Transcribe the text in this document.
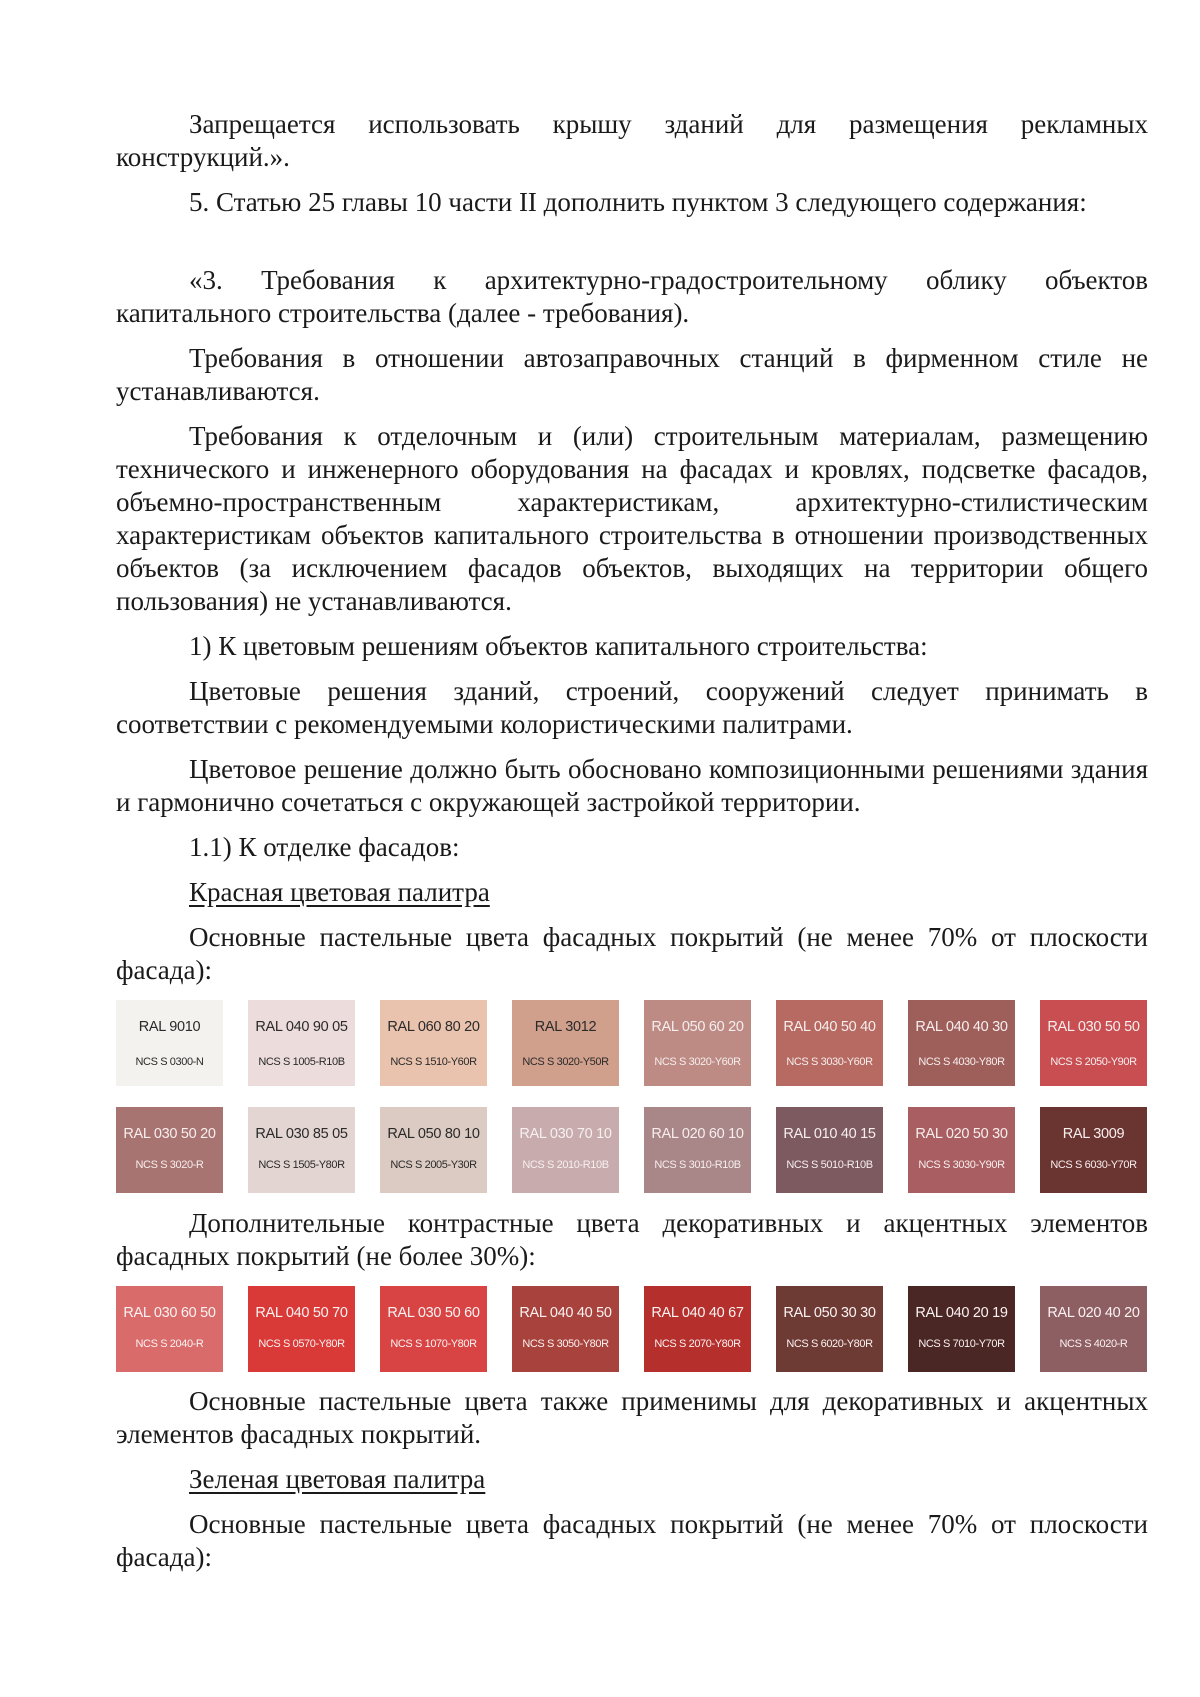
Запрещается использовать крышу зданий для размещения рекламных конструкций.».

5. Статью 25 главы 10 части II дополнить пунктом 3 следующего содержания:

«3. Требования к архитектурно-градостроительному облику объектов капитального строительства (далее - требования).

Требования в отношении автозаправочных станций в фирменном стиле не устанавливаются.

Требования к отделочным и (или) строительным материалам, размещению технического и инженерного оборудования на фасадах и кровлях, подсветке фасадов, объемно-пространственным характеристикам, архитектурно-стилистическим характеристикам объектов капитального строительства в отношении производственных объектов (за исключением фасадов объектов, выходящих на территории общего пользования) не устанавливаются.

1) К цветовым решениям объектов капитального строительства:

Цветовые решения зданий, строений, сооружений следует принимать в соответствии с рекомендуемыми колористическими палитрами.

Цветовое решение должно быть обосновано композиционными решениями здания и гармонично сочетаться с окружающей застройкой территории.

1.1) К отделке фасадов:

Красная цветовая палитра

Основные пастельные цвета фасадных покрытий (не менее 70% от плоскости фасада):

RAL 9010
NCS S 0300-N
RAL 040 90 05
NCS S 1005-R10B
RAL 060 80 20
NCS S 1510-Y60R
RAL 3012
NCS S 3020-Y50R
RAL 050 60 20
NCS S 3020-Y60R
RAL 040 50 40
NCS S 3030-Y60R
RAL 040 40 30
NCS S 4030-Y80R
RAL 030 50 50
NCS S 2050-Y90R
RAL 030 50 20
NCS S 3020-R
RAL 030 85 05
NCS S 1505-Y80R
RAL 050 80 10
NCS S 2005-Y30R
RAL 030 70 10
NCS S 2010-R10B
RAL 020 60 10
NCS S 3010-R10B
RAL 010 40 15
NCS S 5010-R10B
RAL 020 50 30
NCS S 3030-Y90R
RAL 3009
NCS S 6030-Y70R

Дополнительные контрастные цвета декоративных и акцентных элементов фасадных покрытий (не более 30%):

RAL 030 60 50
NCS S 2040-R
RAL 040 50 70
NCS S 0570-Y80R
RAL 030 50 60
NCS S 1070-Y80R
RAL 040 40 50
NCS S 3050-Y80R
RAL 040 40 67
NCS S 2070-Y80R
RAL 050 30 30
NCS S 6020-Y80R
RAL 040 20 19
NCS S 7010-Y70R
RAL 020 40 20
NCS S 4020-R

Основные пастельные цвета также применимы для декоративных и акцентных элементов фасадных покрытий.

Зеленая цветовая палитра

Основные пастельные цвета фасадных покрытий (не менее 70% от плоскости фасада):
